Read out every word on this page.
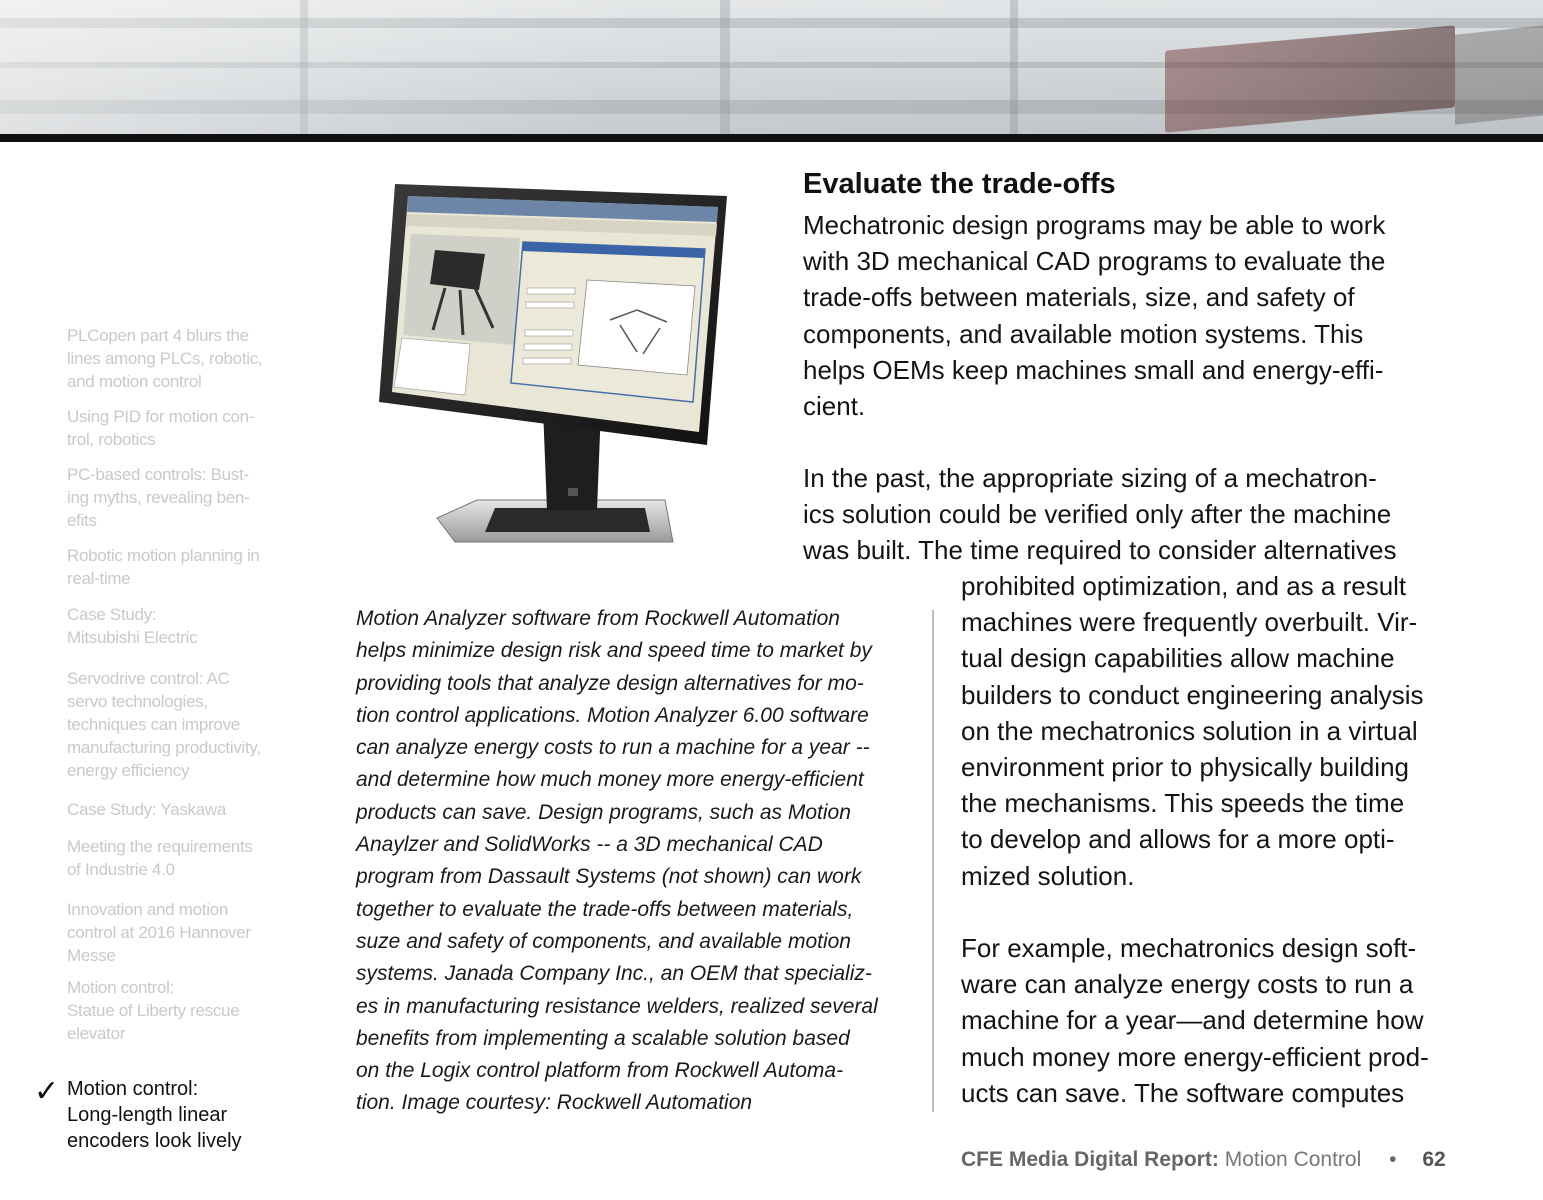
PLCopen part 4 blurs the
lines among PLCs, robotic,
and motion control

Using PID for motion con-
trol, robotics

PC-based controls: Bust-
ing myths, revealing ben-
efits

Robotic motion planning in
real-time

Case Study:
Mitsubishi Electric

Servodrive control: AC
servo technologies,
techniques can improve
manufacturing productivity,
energy efficiency

Case Study: Yaskawa

Meeting the requirements
of Industrie 4.0

Innovation and motion
control at 2016 Hannover
Messe

Motion control:
Statue of Liberty rescue
elevator

✓ Motion control:
Long-length linear
encoders look lively

Motion Analyzer software from Rockwell Automation
helps minimize design risk and speed time to market by
providing tools that analyze design alternatives for mo-
tion control applications. Motion Analyzer 6.00 software
can analyze energy costs to run a machine for a year --
and determine how much money more energy-efficient
products can save. Design programs, such as Motion
Anaylzer and SolidWorks -- a 3D mechanical CAD
program from Dassault Systems (not shown) can work
together to evaluate the trade-offs between materials,
suze and safety of components, and available motion
systems. Janada Company Inc., an OEM that specializ-
es in manufacturing resistance welders, realized several
benefits from implementing a scalable solution based
on the Logix control platform from Rockwell Automa-
tion. Image courtesy: Rockwell Automation
Evaluate the trade-offs

Mechatronic design programs may be able to work
with 3D mechanical CAD programs to evaluate the
trade-offs between materials, size, and safety of
components, and available motion systems. This
helps OEMs keep machines small and energy-effi-
cient.

In the past, the appropriate sizing of a mechatron-
ics solution could be verified only after the machine
was built. The time required to consider alternatives

prohibited optimization, and as a result
machines were frequently overbuilt. Vir-
tual design capabilities allow machine
builders to conduct engineering analysis
on the mechatronics solution in a virtual
environment prior to physically building
the mechanisms. This speeds the time
to develop and allows for a more opti-
mized solution.

For example, mechatronics design soft-
ware can analyze energy costs to run a
machine for a year—and determine how
much money more energy-efficient prod-
ucts can save. The software computes

CFE Media Digital Report: Motion Control • 62
